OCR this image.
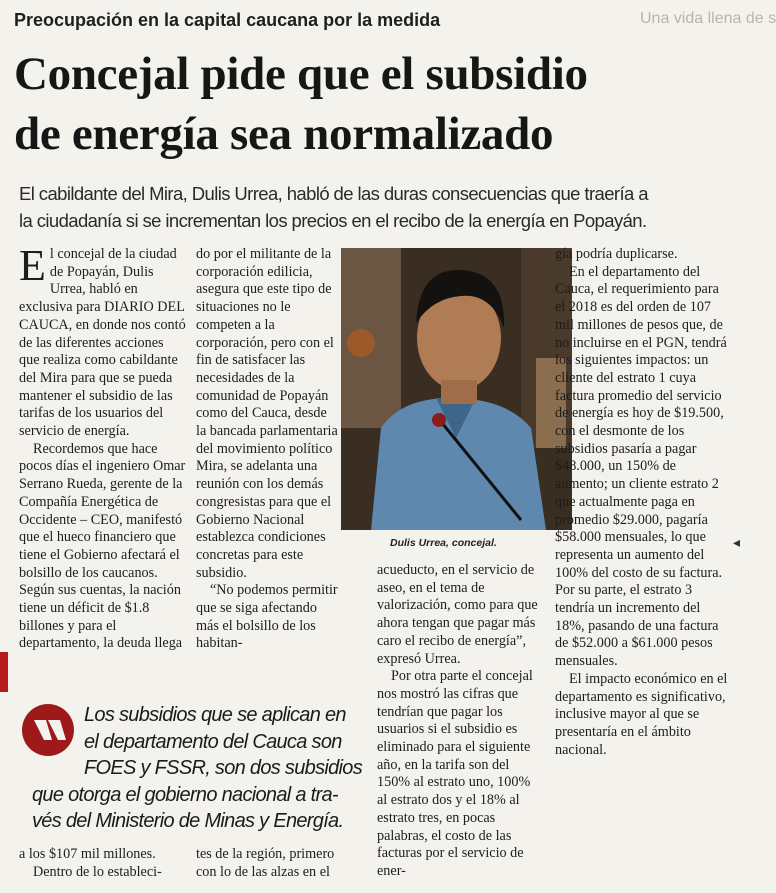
Preocupación en la capital caucana por la medida	Una vida llena de s
Concejal pide que el subsidio
de energía sea normalizado
El cabildante del Mira, Dulis Urrea, habló de las duras consecuencias que traería a
la ciudadanía si se incrementan los precios en el recibo de la energía en Popayán.

El concejal de la ciudad de Popayán, Dulis Urrea, habló en exclusiva para DIARIO DEL CAUCA, en donde nos contó de las diferentes acciones que realiza como cabildante del Mira para que se pueda mantener el subsidio de las tarifas de los usuarios del servicio de energía.

Recordemos que hace pocos días el ingeniero Omar Serrano Rueda, gerente de la Compañía Energética de Occidente – CEO, manifestó que el hueco financiero que tiene el Gobierno afectará el bolsillo de los caucanos. Según sus cuentas, la nación tiene un déficit de $1.8 billones y para el departamento, la deuda llega

do por el militante de la corporación edilicia, asegura que este tipo de situaciones no le competen a la corporación, pero con el fin de satisfacer las necesidades de la comunidad de Popayán como del Cauca, desde la bancada parlamentaria del movimiento político Mira, se adelanta una reunión con los demás congresistas para que el Gobierno Nacional establezca condiciones concretas para este subsidio.

“No podemos permitir que se siga afectando más el bolsillo de los habitan-

Dulis Urrea, concejal.

acueducto, en el servicio de aseo, en el tema de valorización, como para que ahora tengan que pagar más caro el recibo de energía”, expresó Urrea.

Por otra parte el concejal nos mostró las cifras que tendrían que pagar los usuarios si el subsidio es eliminado para el siguiente año, en la tarifa son del 150% al estrato uno, 100% al estrato dos y el 18% al estrato tres, en pocas palabras, el costo de las facturas por el servicio de ener-

gía podría duplicarse.

En el departamento del Cauca, el requerimiento para el 2018 es del orden de 107 mil millones de pesos que, de no incluirse en el PGN, tendrá los siguientes impactos: un cliente del estrato 1 cuya factura promedio del servicio de energía es hoy de $19.500, con el desmonte de los subsidios pasaría a pagar $48.000, un 150% de aumento; un cliente estrato 2 que actualmente paga en promedio $29.000, pagaría $58.000 mensuales, lo que representa un aumento del 100% del costo de su factura. Por su parte, el estrato 3 tendría un incremento del 18%, pasando de una factura de $52.000 a $61.000 pesos mensuales.

El impacto económico en el departamento es significativo, inclusive mayor al que se presentaría en el ámbito nacional.

Los subsidios que se aplican en
el departamento del Cauca son
FOES y FSSR, son dos subsidios
que otorga el gobierno nacional a tra-
vés del Ministerio de Minas y Energía.

a los $107 mil millones.

Dentro de lo estableci-

tes de la región, primero

con lo de las alzas en el

◂
